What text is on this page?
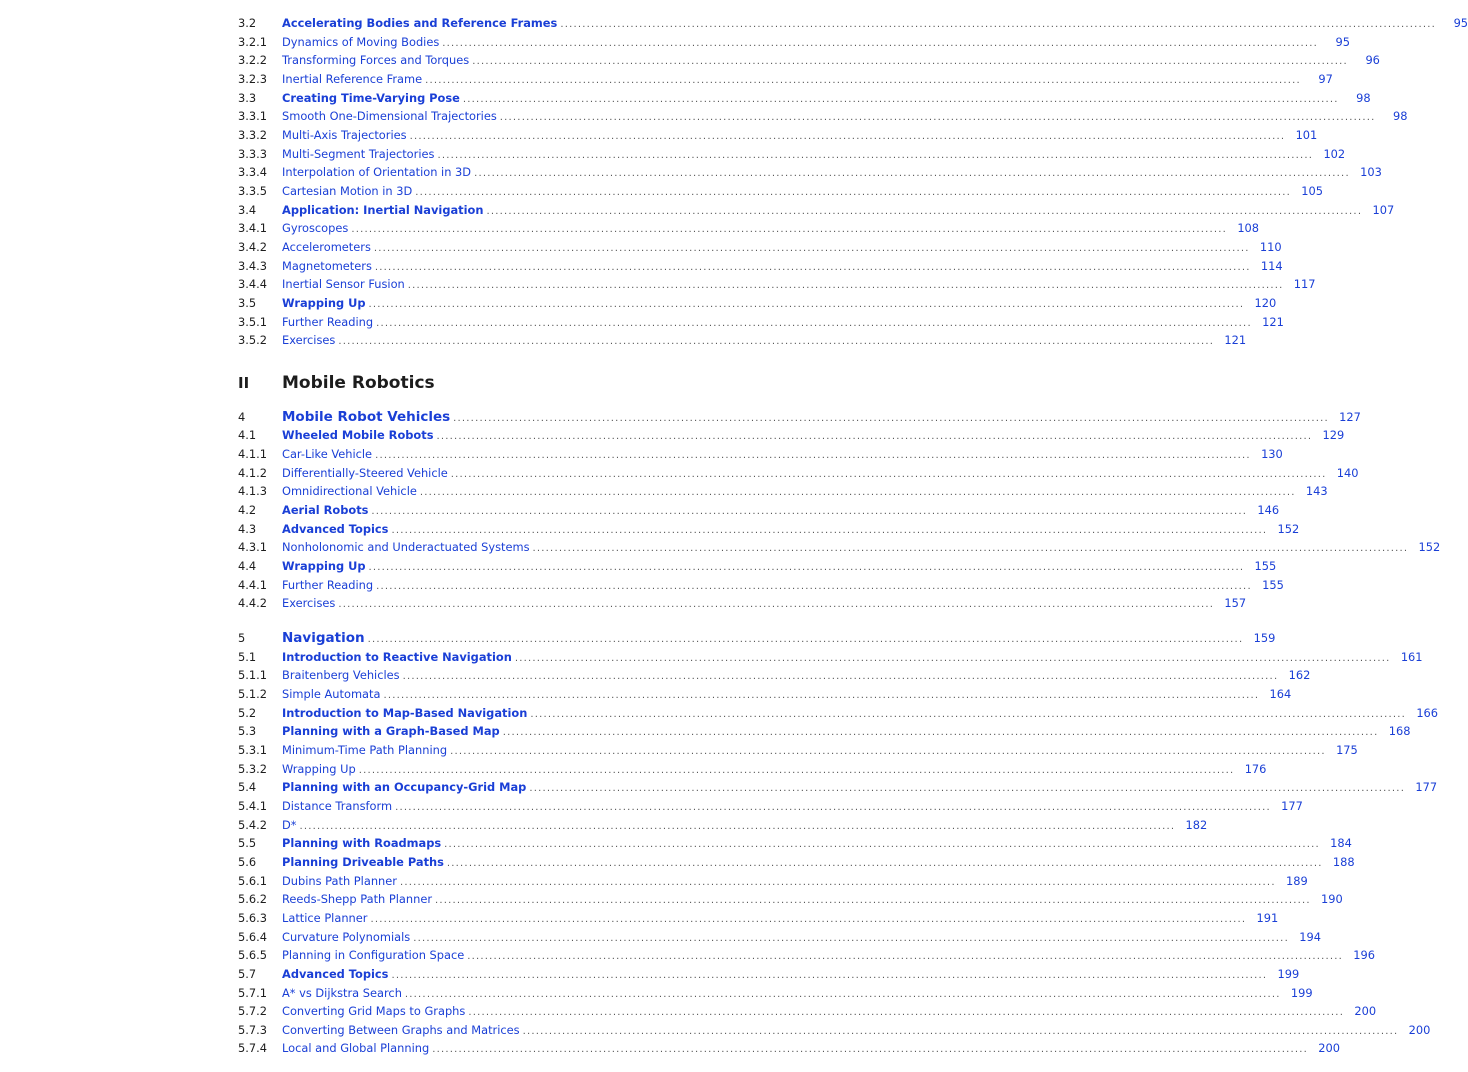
3.2	Accelerating Bodies and Reference Frames ........................................................................................................................................................................................................	95
3.2.1	Dynamics of Moving Bodies ........................................................................................................................................................................................................	95
3.2.2	Transforming Forces and Torques ........................................................................................................................................................................................................	96
3.2.3	Inertial Reference Frame ........................................................................................................................................................................................................	97
3.3	Creating Time-Varying Pose ........................................................................................................................................................................................................	98
3.3.1	Smooth One-Dimensional Trajectories ........................................................................................................................................................................................................	98
3.3.2	Multi-Axis Trajectories ........................................................................................................................................................................................................ 101
3.3.3	Multi-Segment Trajectories ........................................................................................................................................................................................................ 102
3.3.4	Interpolation of Orientation in 3D ........................................................................................................................................................................................................ 103
3.3.5	Cartesian Motion in 3D ........................................................................................................................................................................................................ 105
3.4	Application: Inertial Navigation ........................................................................................................................................................................................................ 107
3.4.1	Gyroscopes ........................................................................................................................................................................................................ 108
3.4.2	Accelerometers ........................................................................................................................................................................................................ 110
3.4.3	Magnetometers ........................................................................................................................................................................................................ 114
3.4.4	Inertial Sensor Fusion ........................................................................................................................................................................................................ 117
3.5	Wrapping Up ........................................................................................................................................................................................................ 120
3.5.1	Further Reading ........................................................................................................................................................................................................ 121
3.5.2	Exercises ........................................................................................................................................................................................................ 121
II	Mobile Robotics
4	Mobile Robot Vehicles ........................................................................................................................................................................................................ 127
4.1	Wheeled Mobile Robots ........................................................................................................................................................................................................ 129
4.1.1	Car-Like Vehicle ........................................................................................................................................................................................................ 130
4.1.2	Differentially-Steered Vehicle ........................................................................................................................................................................................................ 140
4.1.3	Omnidirectional Vehicle ........................................................................................................................................................................................................ 143
4.2	Aerial Robots ........................................................................................................................................................................................................ 146
4.3	Advanced Topics ........................................................................................................................................................................................................ 152
4.3.1	Nonholonomic and Underactuated Systems ........................................................................................................................................................................................................ 152
4.4	Wrapping Up ........................................................................................................................................................................................................ 155
4.4.1	Further Reading ........................................................................................................................................................................................................ 155
4.4.2	Exercises ........................................................................................................................................................................................................ 157
5	Navigation ........................................................................................................................................................................................................ 159
5.1	Introduction to Reactive Navigation ........................................................................................................................................................................................................ 161
5.1.1	Braitenberg Vehicles ........................................................................................................................................................................................................ 162
5.1.2	Simple Automata ........................................................................................................................................................................................................ 164
5.2	Introduction to Map-Based Navigation ........................................................................................................................................................................................................ 166
5.3	Planning with a Graph-Based Map ........................................................................................................................................................................................................ 168
5.3.1	Minimum-Time Path Planning ........................................................................................................................................................................................................ 175
5.3.2	Wrapping Up ........................................................................................................................................................................................................ 176
5.4	Planning with an Occupancy-Grid Map ........................................................................................................................................................................................................ 177
5.4.1	Distance Transform ........................................................................................................................................................................................................ 177
5.4.2	D* ........................................................................................................................................................................................................ 182
5.5	Planning with Roadmaps ........................................................................................................................................................................................................ 184
5.6	Planning Driveable Paths ........................................................................................................................................................................................................ 188
5.6.1	Dubins Path Planner ........................................................................................................................................................................................................ 189
5.6.2	Reeds-Shepp Path Planner ........................................................................................................................................................................................................ 190
5.6.3	Lattice Planner ........................................................................................................................................................................................................ 191
5.6.4	Curvature Polynomials ........................................................................................................................................................................................................ 194
5.6.5	Planning in Configuration Space ........................................................................................................................................................................................................ 196
5.7	Advanced Topics ........................................................................................................................................................................................................ 199
5.7.1	A* vs Dijkstra Search ........................................................................................................................................................................................................ 199
5.7.2	Converting Grid Maps to Graphs ........................................................................................................................................................................................................ 200
5.7.3	Converting Between Graphs and Matrices ........................................................................................................................................................................................................ 200
5.7.4	Local and Global Planning ........................................................................................................................................................................................................ 200
